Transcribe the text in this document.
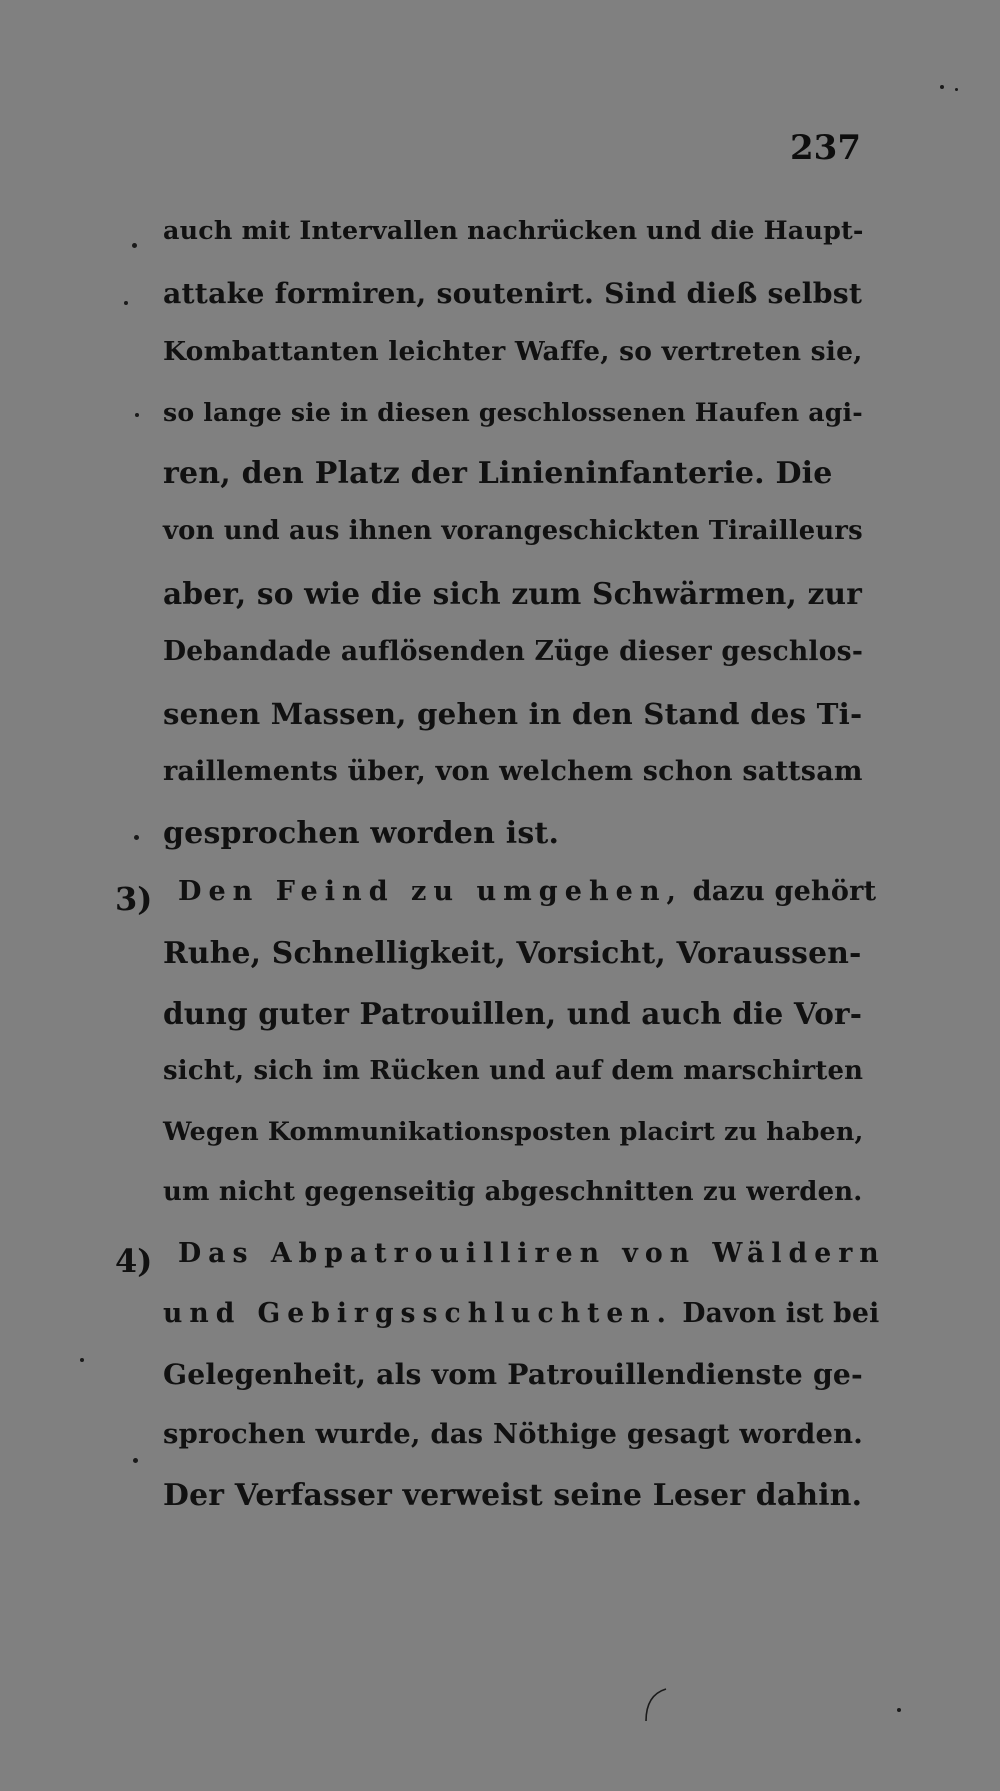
237
auch mit Intervallen nachrücken und die Haupt-
attake formiren, soutenirt. Sind dieß selbst
Kombattanten leichter Waffe, so vertreten sie,
so lange sie in diesen geschlossenen Haufen agi-
ren, den Platz der Linieninfanterie. Die
von und aus ihnen vorangeschickten Tirailleurs
aber, so wie die sich zum Schwärmen, zur
Debandade auflösenden Züge dieser geschlos-
senen Massen, gehen in den Stand des Ti-
raillements über, von welchem schon sattsam
gesprochen worden ist.
3) Den Feind zu umgehen, dazu gehört
Ruhe, Schnelligkeit, Vorsicht, Voraussen-
dung guter Patrouillen, und auch die Vor-
sicht, sich im Rücken und auf dem marschirten
Wegen Kommunikationsposten placirt zu haben,
um nicht gegenseitig abgeschnitten zu werden.
4) Das Abpatrouilliren von Wäldern
und Gebirgsschluchten. Davon ist bei
Gelegenheit, als vom Patrouillendienste ge-
sprochen wurde, das Nöthige gesagt worden.
Der Verfasser verweist seine Leser dahin.
